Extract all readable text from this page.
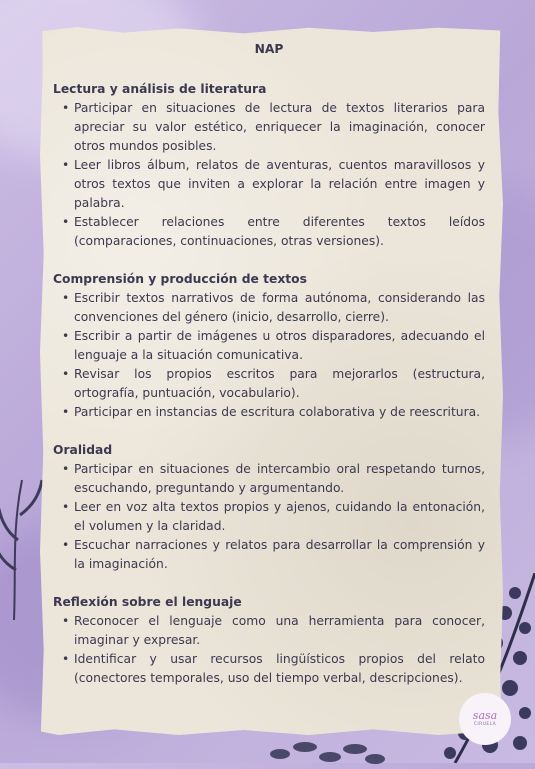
NAP
Lectura y análisis de literatura
• Participar en situaciones de lectura de textos literarios para apreciar su valor estético, enriquecer la imaginación, conocer otros mundos posibles.
• Leer libros álbum, relatos de aventuras, cuentos maravillosos y otros textos que inviten a explorar la relación entre imagen y palabra.
• Establecer relaciones entre diferentes textos leídos (comparaciones, continuaciones, otras versiones).
Comprensión y producción de textos
• Escribir textos narrativos de forma autónoma, considerando las convenciones del género (inicio, desarrollo, cierre).
• Escribir a partir de imágenes u otros disparadores, adecuando el lenguaje a la situación comunicativa.
• Revisar los propios escritos para mejorarlos (estructura, ortografía, puntuación, vocabulario).
• Participar en instancias de escritura colaborativa y de reescritura.
Oralidad
• Participar en situaciones de intercambio oral respetando turnos, escuchando, preguntando y argumentando.
• Leer en voz alta textos propios y ajenos, cuidando la entonación, el volumen y la claridad.
• Escuchar narraciones y relatos para desarrollar la comprensión y la imaginación.
Reflexión sobre el lenguaje
• Reconocer el lenguaje como una herramienta para conocer, imaginar y expresar.
• Identificar y usar recursos lingüísticos propios del relato (conectores temporales, uso del tiempo verbal, descripciones).
sasa
CIRUELA
